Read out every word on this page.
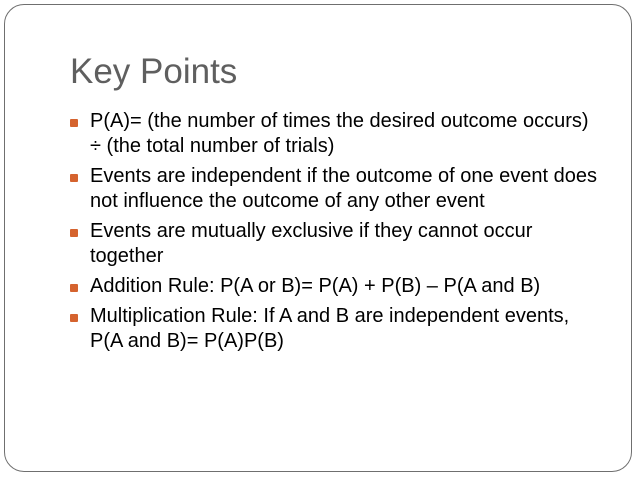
Key Points
P(A)= (the number of times the desired outcome occurs) ÷ (the total number of trials)
Events are independent if the outcome of one event does not influence the outcome of any other event
Events are mutually exclusive if they cannot occur together
Addition Rule: P(A or B)= P(A) + P(B) – P(A and B)
Multiplication Rule: If A and B are independent events, P(A and B)= P(A)P(B)
